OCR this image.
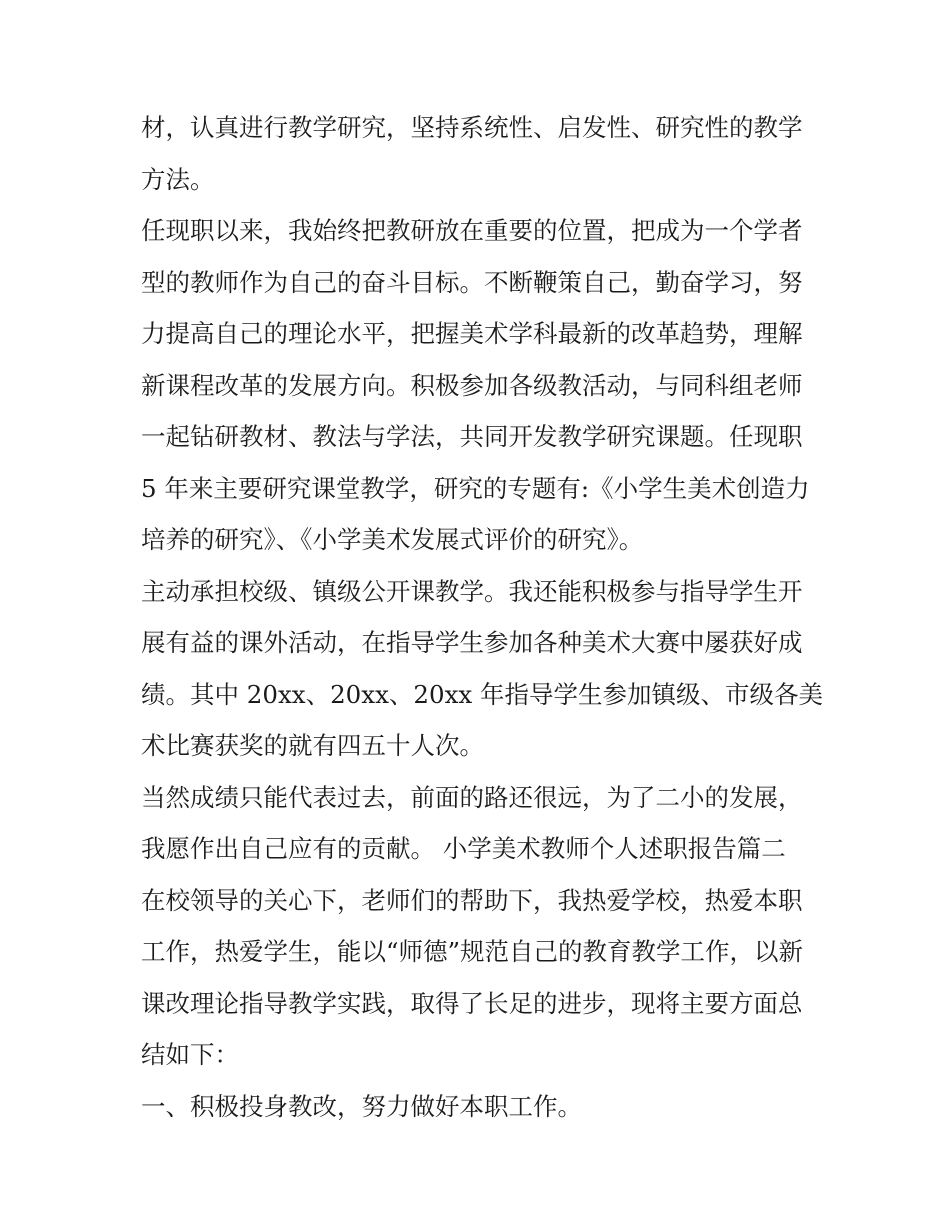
材，认真进行教学研究，坚持系统性、启发性、研究性的教学
方法。
任现职以来，我始终把教研放在重要的位置，把成为一个学者
型的教师作为自己的奋斗目标。不断鞭策自己，勤奋学习，努
力提高自己的理论水平，把握美术学科最新的改革趋势，理解
新课程改革的发展方向。积极参加各级教活动，与同科组老师
一起钻研教材、教法与学法，共同开发教学研究课题。任现职
5 年来主要研究课堂教学，研究的专题有:《小学生美术创造力
培养的研究》、《小学美术发展式评价的研究》。
主动承担校级、镇级公开课教学。我还能积极参与指导学生开
展有益的课外活动，在指导学生参加各种美术大赛中屡获好成
绩。其中 20xx、20xx、20xx 年指导学生参加镇级、市级各美
术比赛获奖的就有四五十人次。
当然成绩只能代表过去，前面的路还很远，为了二小的发展，
我愿作出自己应有的贡献。 小学美术教师个人述职报告篇二
在校领导的关心下，老师们的帮助下，我热爱学校，热爱本职
工作，热爱学生，能以“师德”规范自己的教育教学工作，以新
课改理论指导教学实践，取得了长足的进步，现将主要方面总
结如下：
一、积极投身教改，努力做好本职工作。
